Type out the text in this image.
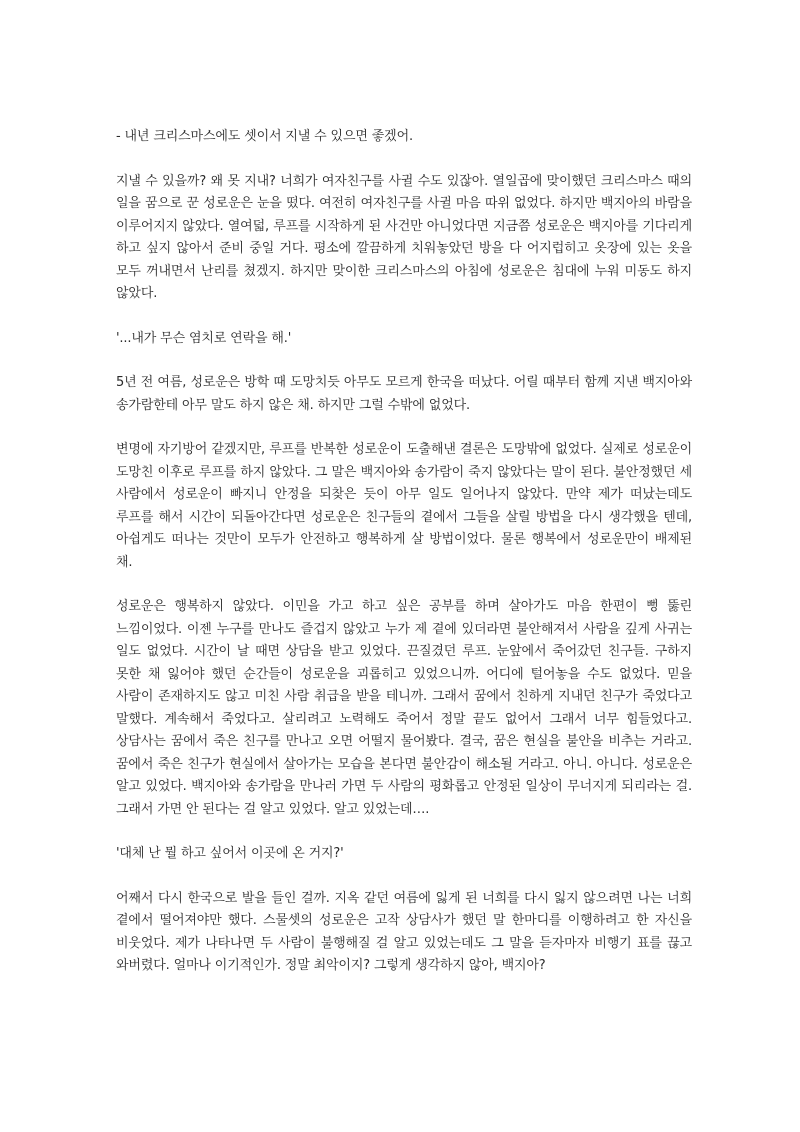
- 내년 크리스마스에도 셋이서 지낼 수 있으면 좋겠어.

지낼 수 있을까? 왜 못 지내? 너희가 여자친구를 사귈 수도 있잖아. 열일곱에 맞이했던 크리스마스 때의 일을 꿈으로 꾼 성로운은 눈을 떴다. 여전히 여자친구를 사귈 마음 따위 없었다. 하지만 백지아의 바람을 이루어지지 않았다. 열여덟, 루프를 시작하게 된 사건만 아니었다면 지금쯤 성로운은 백지아를 기다리게 하고 싶지 않아서 준비 중일 거다. 평소에 깔끔하게 치워놓았던 방을 다 어지럽히고 옷장에 있는 옷을 모두 꺼내면서 난리를 쳤겠지. 하지만 맞이한 크리스마스의 아침에 성로운은 침대에 누워 미동도 하지 않았다.

'...내가 무슨 염치로 연락을 해.'

5년 전 여름, 성로운은 방학 때 도망치듯 아무도 모르게 한국을 떠났다. 어릴 때부터 함께 지낸 백지아와 송가람한테 아무 말도 하지 않은 채. 하지만 그럴 수밖에 없었다.

변명에 자기방어 같겠지만, 루프를 반복한 성로운이 도출해낸 결론은 도망밖에 없었다. 실제로 성로운이 도망친 이후로 루프를 하지 않았다. 그 말은 백지아와 송가람이 죽지 않았다는 말이 된다. 불안정했던 세 사람에서 성로운이 빠지니 안정을 되찾은 듯이 아무 일도 일어나지 않았다. 만약 제가 떠났는데도 루프를 해서 시간이 되돌아간다면 성로운은 친구들의 곁에서 그들을 살릴 방법을 다시 생각했을 텐데, 아쉽게도 떠나는 것만이 모두가 안전하고 행복하게 살 방법이었다. 물론 행복에서 성로운만이 배제된 채.

성로운은 행복하지 않았다. 이민을 가고 하고 싶은 공부를 하며 살아가도 마음 한편이 뻥 뚫린 느낌이었다. 이젠 누구를 만나도 즐겁지 않았고 누가 제 곁에 있더라면 불안해져서 사람을 깊게 사귀는 일도 없었다. 시간이 날 때면 상담을 받고 있었다. 끈질겼던 루프. 눈앞에서 죽어갔던 친구들. 구하지 못한 채 잃어야 했던 순간들이 성로운을 괴롭히고 있었으니까. 어디에 털어놓을 수도 없었다. 믿을 사람이 존재하지도 않고 미친 사람 취급을 받을 테니까. 그래서 꿈에서 친하게 지내던 친구가 죽었다고 말했다. 계속해서 죽었다고. 살리려고 노력해도 죽어서 정말 끝도 없어서 그래서 너무 힘들었다고. 상담사는 꿈에서 죽은 친구를 만나고 오면 어떨지 물어봤다. 결국, 꿈은 현실을 불안을 비추는 거라고. 꿈에서 죽은 친구가 현실에서 살아가는 모습을 본다면 불안감이 해소될 거라고. 아니. 아니다. 성로운은 알고 있었다. 백지아와 송가람을 만나러 가면 두 사람의 평화롭고 안정된 일상이 무너지게 되리라는 걸. 그래서 가면 안 된다는 걸 알고 있었다. 알고 있었는데….

'대체 난 뭘 하고 싶어서 이곳에 온 거지?'

어째서 다시 한국으로 발을 들인 걸까. 지옥 같던 여름에 잃게 된 너희를 다시 잃지 않으려면 나는 너희 곁에서 떨어져야만 했다. 스물셋의 성로운은 고작 상담사가 했던 말 한마디를 이행하려고 한 자신을 비웃었다. 제가 나타나면 두 사람이 불행해질 걸 알고 있었는데도 그 말을 듣자마자 비행기 표를 끊고 와버렸다. 얼마나 이기적인가. 정말 최악이지? 그렇게 생각하지 않아, 백지아?
